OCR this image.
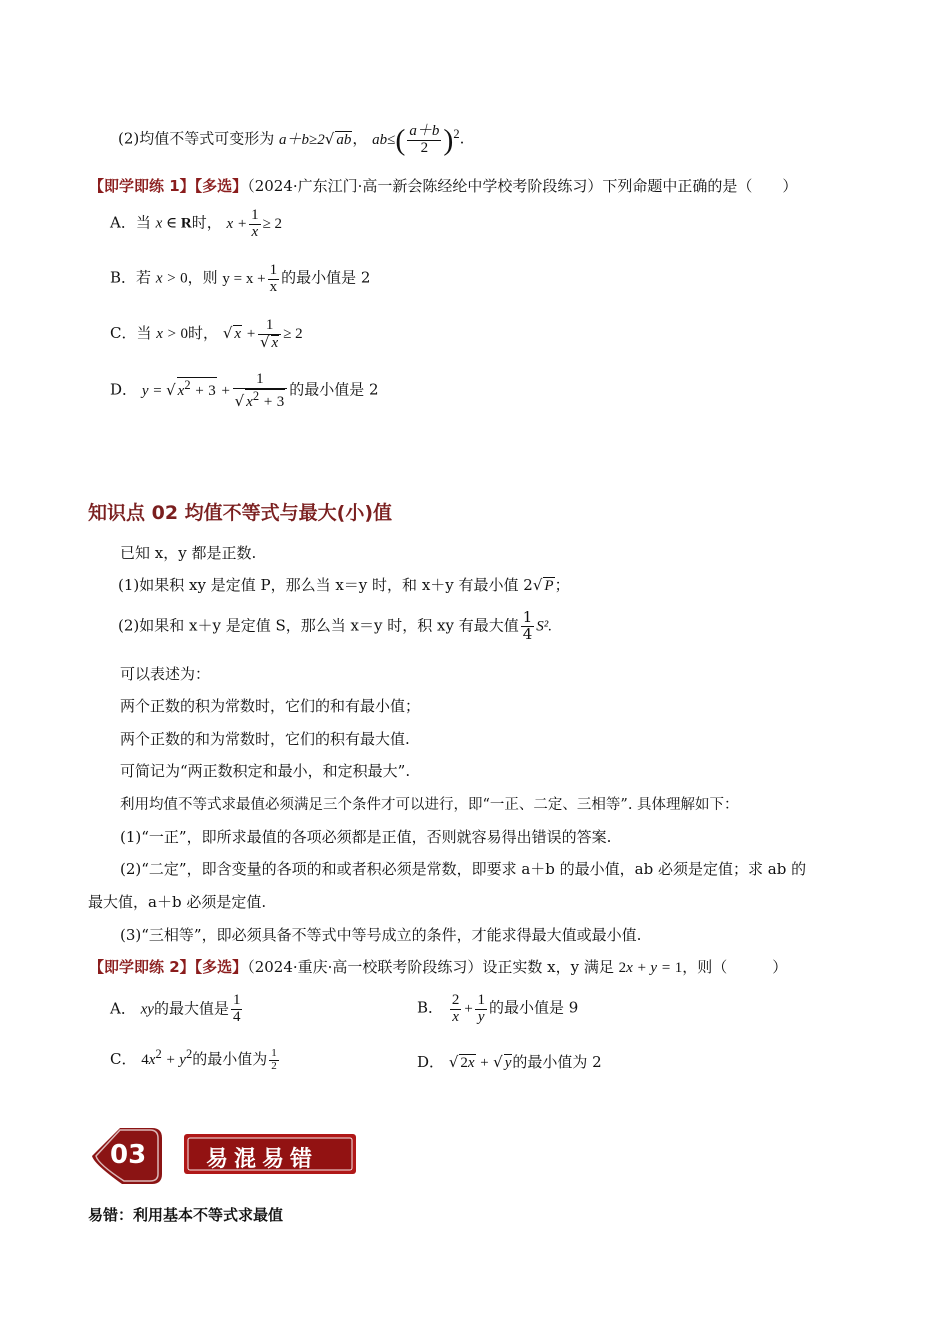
(2)均值不等式可变形为 a＋b≥2√ ab， $ab\le( \frac{a+b}{2} )^2$.
【即学即练 1】【多选】（2024·广东江门·高一新会陈经纶中学校考阶段练习）下列命题中正确的是（　　）
A．当 x ∈ R时， $x + \frac{1}{x} \ge 2$
B．若 x > 0，则 $y = x + \frac{1}{x}$ 的最小值是 2
C．当 x > 0时， √ $x + \frac{1}{√ x} \ge 2$
D． y = √ $x^2 + 3 + \frac{1}{√ x^2 + 3}$ 的最小值是 2
知识点 02 均值不等式与最大(小)值
已知 x，y 都是正数.
(1)如果积 xy 是定值 P，那么当 x＝y 时，和 x＋y 有最小值 2√ P；
(2)如果和 x＋y 是定值 S，那么当 x＝y 时，积 xy 有最大值 $\frac{1}{4} S^2$.
可以表述为：
两个正数的积为常数时，它们的和有最小值；
两个正数的和为常数时，它们的积有最大值.
可简记为“两正数积定和最小，和定积最大”.
利用均值不等式求最值必须满足三个条件才可以进行，即“一正、二定、三相等”. 具体理解如下：
(1)“一正”，即所求最值的各项必须都是正值，否则就容易得出错误的答案.
(2)“二定”，即含变量的各项的和或者积必须是常数，即要求 a＋b 的最小值，ab 必须是定值；求 ab 的
最大值，a＋b 必须是定值.
(3)“三相等”，即必须具备不等式中等号成立的条件，才能求得最大值或最小值.
【即学即练 2】【多选】（2024·重庆·高一校联考阶段练习）设正实数 x，y 满足 2x + y = 1，则（　　　）
A． xy的最大值是 $\frac{1}{4}$	B． $\frac{2}{x} + \frac{1}{y}$ 的最小值是 9
C． $4x^2 + y^2$的最小值为 $\frac{1}{2}$	D． √ 2x + √ y的最小值为 2
03	易混易错
易错：利用基本不等式求最值
